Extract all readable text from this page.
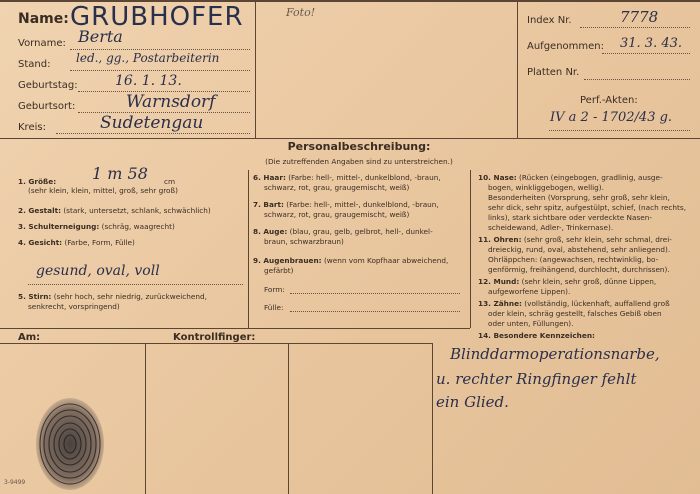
Name: GRUBHOFER
Vorname: Berta
Stand: led., gg., Postarbeiterin
Geburtstag:	16. 1. 13.
Geburtsort:	Warnsdorf
Kreis:	Sudetengau
Foto!
Index Nr.	7778
Aufgenommen: 31. 3. 43.
Platten Nr.
Perf.-Akten:
IV a 2 - 1702/43 g.
Personalbeschreibung:
(Die zutreffenden Angaben sind zu unterstreichen.)
1. Größe: 1 m 58 cm
(sehr klein, klein, mittel, groß, sehr groß)
2. Gestalt: (stark, untersetzt, schlank, schwächlich)
3. Schulterneigung: (schräg, waagrecht)
4. Gesicht: (Farbe, Form, Fülle)
gesund, oval, voll
5. Stirn: (sehr hoch, sehr niedrig, zurückweichend,
senkrecht, vorspringend)
6. Haar: (Farbe: hell-, mittel-, dunkelblond, -braun,
schwarz, rot, grau, graugemischt, weiß)
7. Bart: (Farbe: hell-, mittel-, dunkelblond, -braun,
schwarz, rot, grau, graugemischt, weiß)
8. Auge: (blau, grau, gelb, gelbrot, hell-, dunkel-
braun, schwarzbraun)
9. Augenbrauen: (wenn vom Kopfhaar abweichend,
gefärbt)
Form:
Fülle:
10. Nase: (Rücken (eingebogen, gradlinig, ausge-
bogen, winkliggebogen, wellig).
Besonderheiten (Vorsprung, sehr groß, sehr klein,
sehr dick, sehr spitz, aufgestülpt, schief, (nach rechts,
links), stark sichtbare oder verdeckte Nasen-
scheidewand, Adler-, Trinkernase).
11. Ohren: (sehr groß, sehr klein, sehr schmal, drei-
dreieckig, rund, oval, abstehend, sehr anliegend).
Ohrläppchen: (angewachsen, rechtwinklig, bo-
genförmig, freihängend, durchlocht, durchrissen).
12. Mund: (sehr klein, sehr groß, dünne Lippen,
aufgeworfene Lippen).
13. Zähne: (vollständig, lückenhaft, auffallend groß
oder klein, schräg gestellt, falsches Gebiß oben
oder unten, Füllungen).
14. Besondere Kennzeichen:
Blinddarmoperationsnarbe,
u. rechter Ringfinger fehlt
ein Glied.
Am:	Kontrollfinger:
3-9499
